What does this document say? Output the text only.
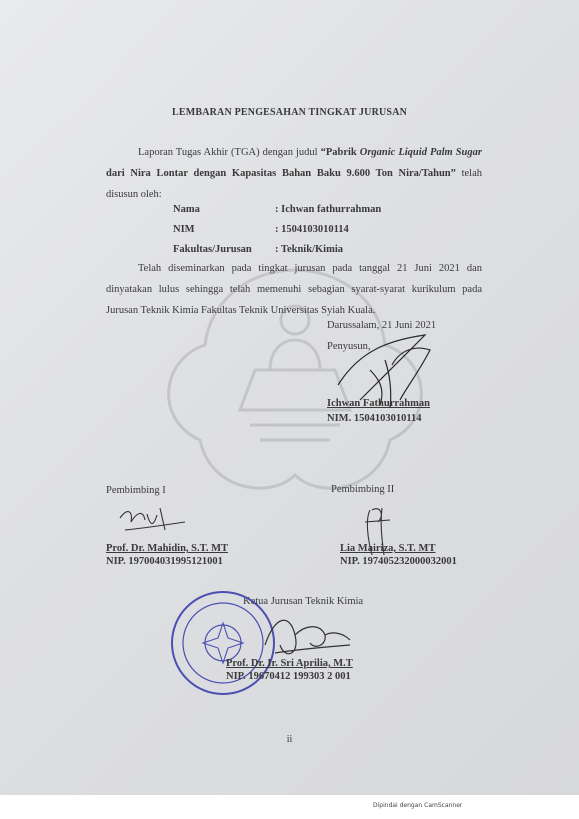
LEMBARAN PENGESAHAN TINGKAT JURUSAN
Laporan Tugas Akhir (TGA) dengan judul “Pabrik Organic Liquid Palm Sugar dari Nira Lontar dengan Kapasitas Bahan Baku 9.600 Ton Nira/Tahun” telah disusun oleh:
Nama	: Ichwan fathurrahman
NIM	: 1504103010114
Fakultas/Jurusan : Teknik/Kimia
Telah diseminarkan pada tingkat jurusan pada tanggal 21 Juni 2021 dan dinyatakan lulus sehingga telah memenuhi sebagian syarat-syarat kurikulum pada Jurusan Teknik Kimia Fakultas Teknik Universitas Syiah Kuala.
Darussalam, 21 Juni 2021
Penyusun,
Ichwan Fathurrahman
NIM. 1504103010114
Pembimbing I
Prof. Dr. Mahidin, S.T. MT
NIP. 197004031995121001
Pembimbing II
Lia Mairiza, S.T. MT
NIP. 197405232000032001
Ketua Jurusan Teknik Kimia
Prof. Dr. Ir. Sri Aprilia, M.T
NIP. 19670412 199303 2 001
ii
Dipindai dengan CamScanner
